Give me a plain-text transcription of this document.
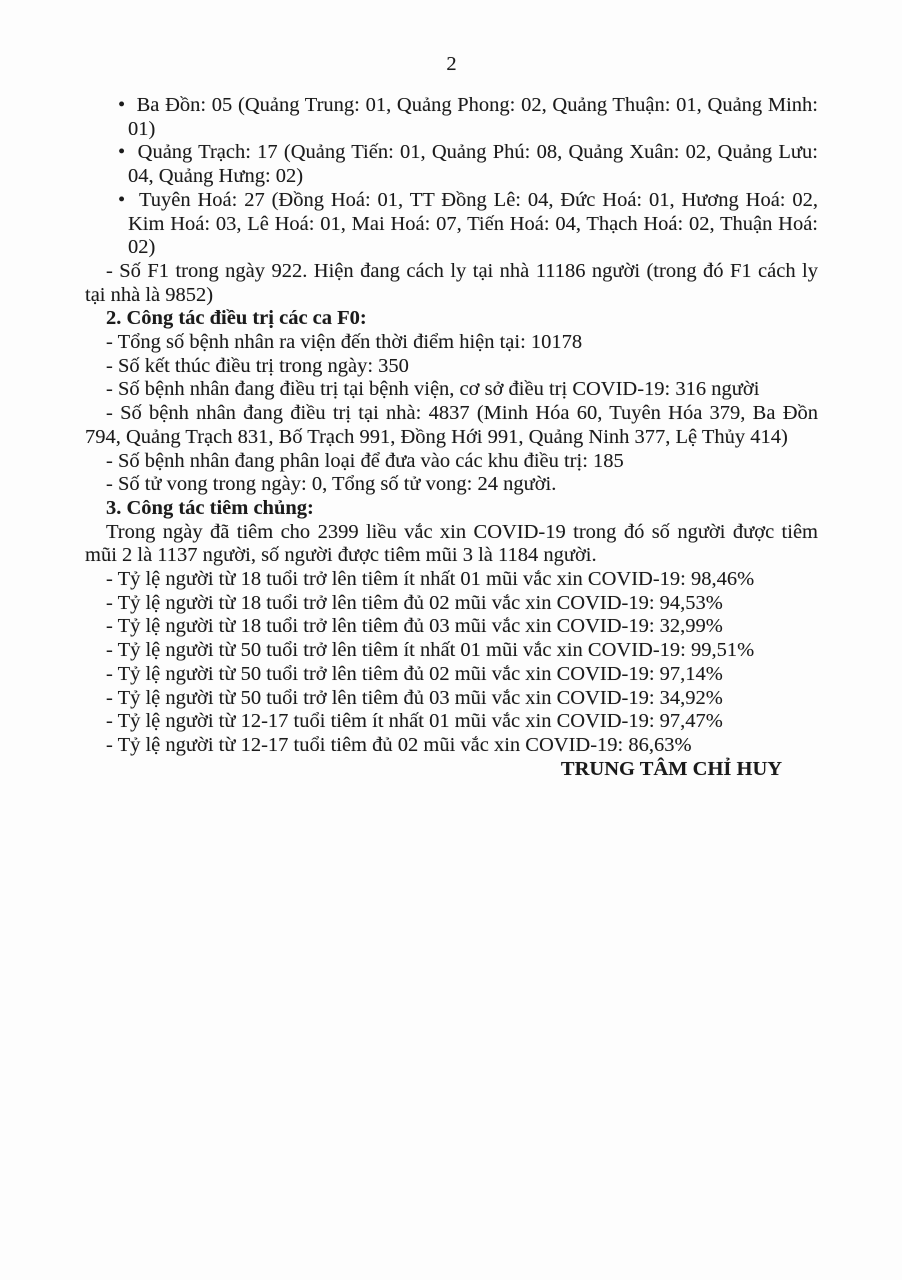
2
•  Ba Đồn: 05 (Quảng Trung: 01, Quảng Phong: 02, Quảng Thuận: 01, Quảng Minh: 01)
•  Quảng Trạch: 17 (Quảng Tiến: 01, Quảng Phú: 08, Quảng Xuân: 02, Quảng Lưu: 04, Quảng Hưng: 02)
•  Tuyên Hoá: 27 (Đồng Hoá: 01, TT Đồng Lê: 04, Đức Hoá: 01, Hương Hoá: 02, Kim Hoá: 03, Lê Hoá: 01, Mai Hoá: 07, Tiến Hoá: 04, Thạch Hoá: 02, Thuận Hoá: 02)

- Số F1 trong ngày 922. Hiện đang cách ly tại nhà 11186 người (trong đó F1 cách ly tại nhà là 9852)

2. Công tác điều trị các ca F0:

- Tổng số bệnh nhân ra viện đến thời điểm hiện tại: 10178

- Số kết thúc điều trị trong ngày: 350

- Số bệnh nhân đang điều trị tại bệnh viện, cơ sở điều trị COVID-19: 316 người

- Số bệnh nhân đang điều trị tại nhà: 4837 (Minh Hóa 60, Tuyên Hóa 379, Ba Đồn 794, Quảng Trạch 831, Bố Trạch 991, Đồng Hới 991, Quảng Ninh 377, Lệ Thủy 414)

- Số bệnh nhân đang phân loại để đưa vào các khu điều trị: 185

- Số tử vong trong ngày: 0, Tổng số tử vong: 24 người.

3. Công tác tiêm chủng:

Trong ngày đã tiêm cho 2399 liều vắc xin COVID-19 trong đó số người được tiêm mũi 2 là 1137 người, số người được tiêm mũi 3 là 1184 người.

- Tỷ lệ người từ 18 tuổi trở lên tiêm ít nhất 01 mũi vắc xin COVID-19: 98,46%

- Tỷ lệ người từ 18 tuổi trở lên tiêm đủ 02 mũi vắc xin COVID-19: 94,53%

- Tỷ lệ người từ 18 tuổi trở lên tiêm đủ 03 mũi vắc xin COVID-19: 32,99%

- Tỷ lệ người từ 50 tuổi trở lên tiêm ít nhất 01 mũi vắc xin COVID-19: 99,51%

- Tỷ lệ người từ 50 tuổi trở lên tiêm đủ 02 mũi vắc xin COVID-19: 97,14%

- Tỷ lệ người từ 50 tuổi trở lên tiêm đủ 03 mũi vắc xin COVID-19: 34,92%

- Tỷ lệ người từ 12-17 tuổi tiêm ít nhất 01 mũi vắc xin COVID-19: 97,47%

- Tỷ lệ người từ 12-17 tuổi tiêm đủ 02 mũi vắc xin COVID-19: 86,63%

TRUNG TÂM CHỈ HUY
